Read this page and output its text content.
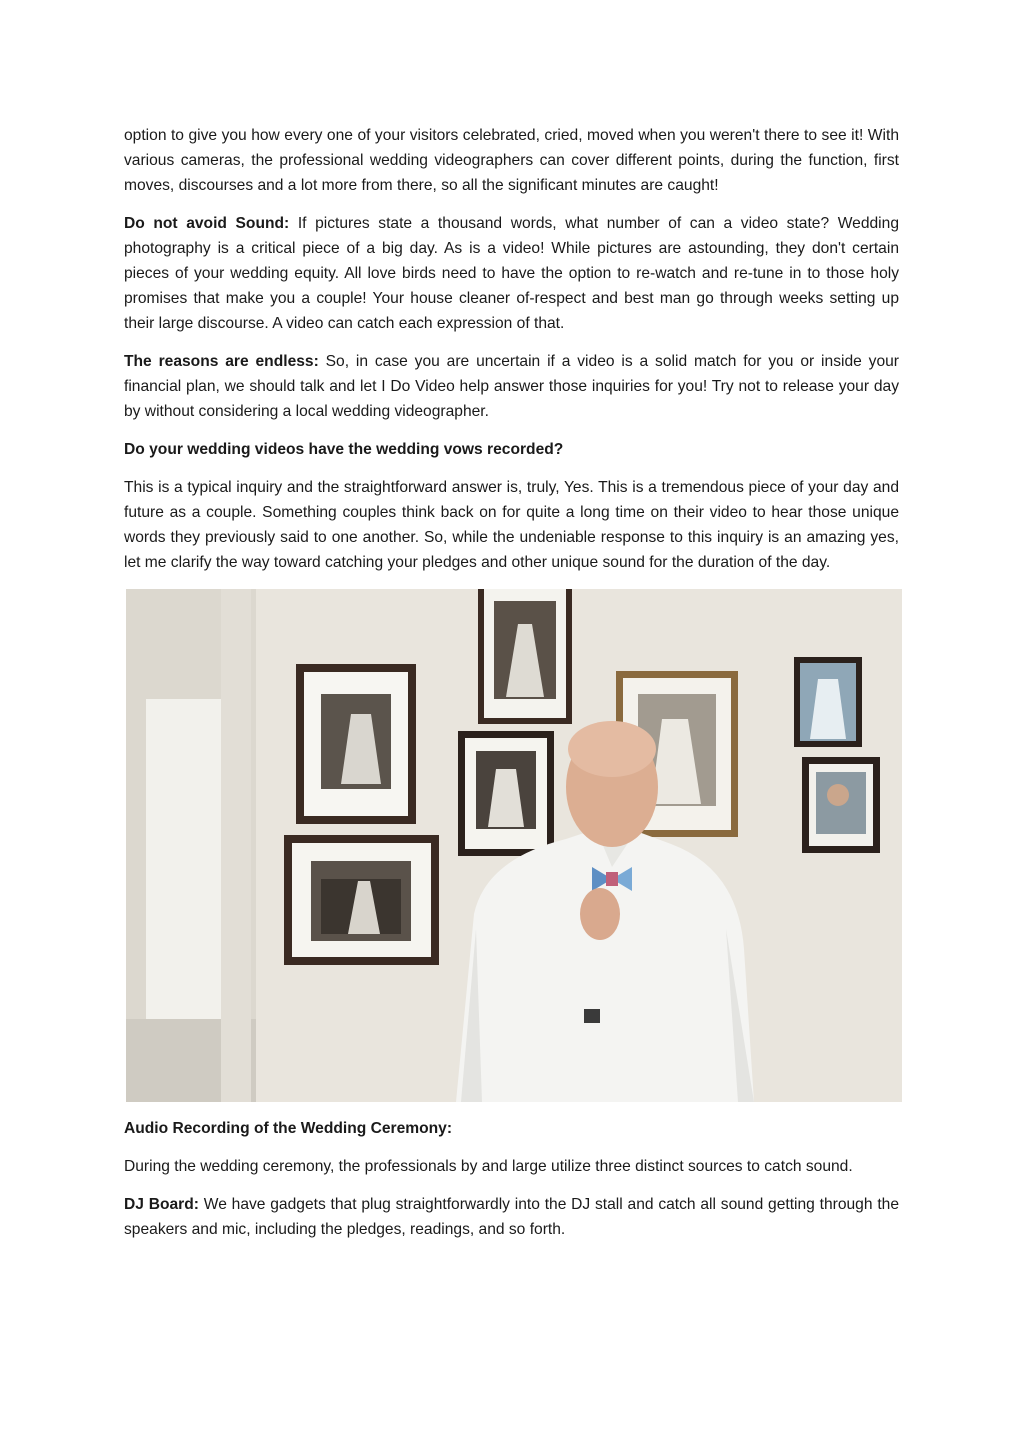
option to give you how every one of your visitors celebrated, cried, moved when you weren't there to see it! With various cameras, the professional wedding videographers can cover different points, during the function, first moves, discourses and a lot more from there, so all the significant minutes are caught!

Do not avoid Sound: If pictures state a thousand words, what number of can a video state? Wedding photography is a critical piece of a big day. As is a video! While pictures are astounding, they don't certain pieces of your wedding equity. All love birds need to have the option to re-watch and re-tune in to those holy promises that make you a couple! Your house cleaner of-respect and best man go through weeks setting up their large discourse. A video can catch each expression of that.

The reasons are endless: So, in case you are uncertain if a video is a solid match for you or inside your financial plan, we should talk and let I Do Video help answer those inquiries for you! Try not to release your day by without considering a local wedding videographer.

Do your wedding videos have the wedding vows recorded?

This is a typical inquiry and the straightforward answer is, truly, Yes. This is a tremendous piece of your day and future as a couple. Something couples think back on for quite a long time on their video to hear those unique words they previously said to one another. So, while the undeniable response to this inquiry is an amazing yes, let me clarify the way toward catching your pledges and other unique sound for the duration of the day.

Audio Recording of the Wedding Ceremony:

During the wedding ceremony, the professionals by and large utilize three distinct sources to catch sound.

DJ Board: We have gadgets that plug straightforwardly into the DJ stall and catch all sound getting through the speakers and mic, including the pledges, readings, and so forth.
